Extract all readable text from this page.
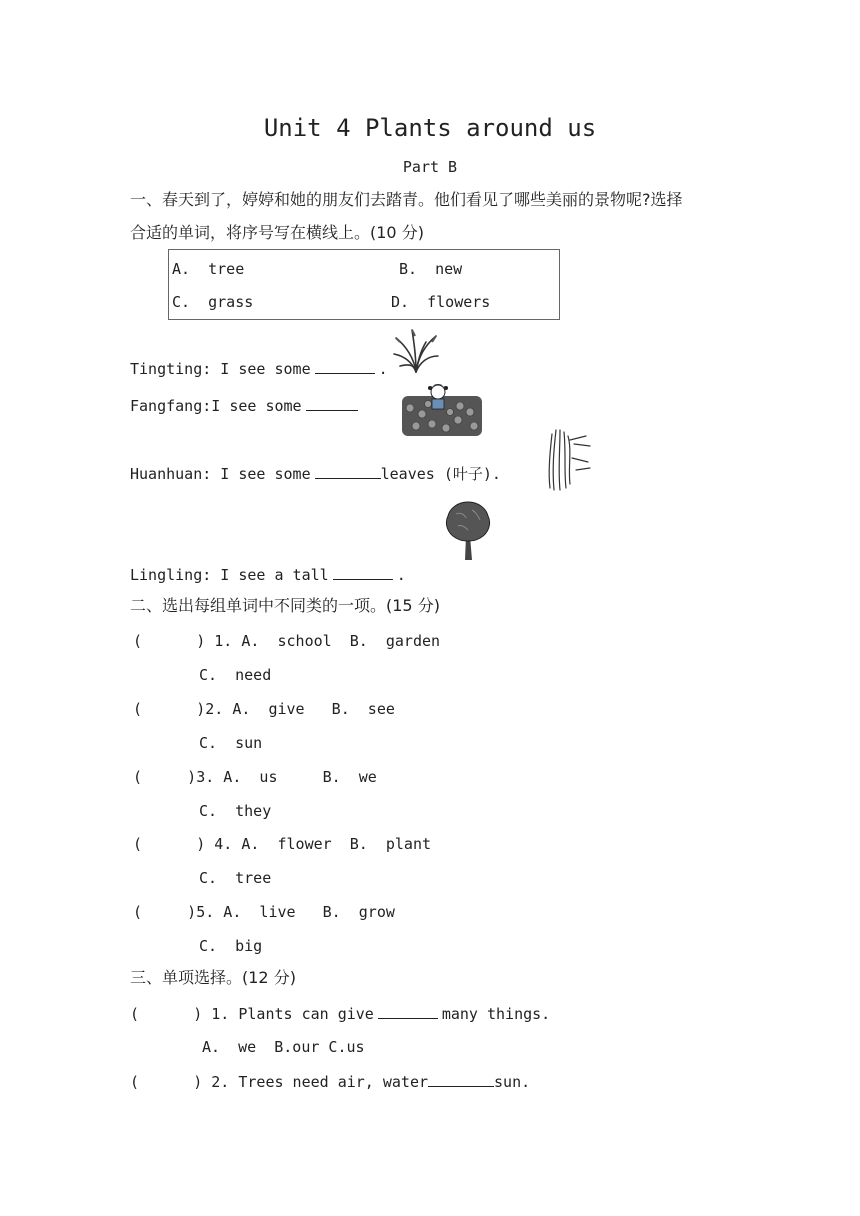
Unit 4 Plants around us
Part B
一、春天到了，婷婷和她的朋友们去踏青。他们看见了哪些美丽的景物呢?选择
合适的单词，将序号写在横线上。(10 分)
A.  tree	B.  new
C.  grass	D.  flowers
Tingting: I see some	.
Fangfang:I see some
Huanhuan: I see some	leaves (叶子).
Lingling: I see a tall	.
二、选出每组单词中不同类的一项。(15 分)
(      ) 1. A.  school  B.  garden
C.  need
(      )2. A.  give   B.  see
C.  sun
(     )3. A.  us     B.  we
C.  they
(      ) 4. A.  flower  B.  plant
C.  tree
(     )5. A.  live   B.  grow
C.  big
三、单项选择。(12 分)
(      ) 1. Plants can give	many things.
A.  we  B.our C.us
(      ) 2. Trees need air, water	sun.
